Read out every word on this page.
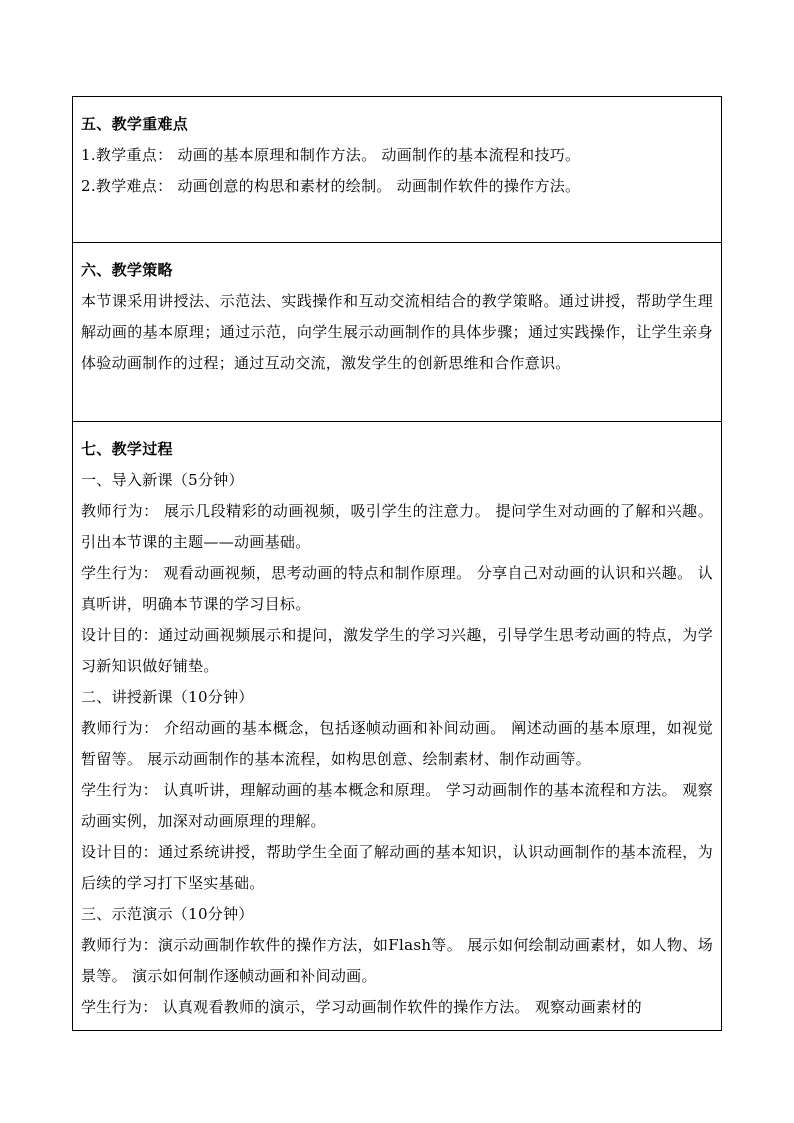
五、教学重难点
1.教学重点： 动画的基本原理和制作方法。 动画制作的基本流程和技巧。
2.教学难点： 动画创意的构思和素材的绘制。 动画制作软件的操作方法。

六、教学策略
本节课采用讲授法、示范法、实践操作和互动交流相结合的教学策略。通过讲授，帮助学生理解动画的基本原理；通过示范，向学生展示动画制作的具体步骤；通过实践操作，让学生亲身体验动画制作的过程；通过互动交流，激发学生的创新思维和合作意识。

七、教学过程
一、导入新课（5分钟）
教师行为： 展示几段精彩的动画视频，吸引学生的注意力。 提问学生对动画的了解和兴趣。 引出本节课的主题——动画基础。
学生行为： 观看动画视频，思考动画的特点和制作原理。 分享自己对动画的认识和兴趣。 认真听讲，明确本节课的学习目标。
设计目的：通过动画视频展示和提问，激发学生的学习兴趣，引导学生思考动画的特点，为学习新知识做好铺垫。
二、讲授新课（10分钟）
教师行为： 介绍动画的基本概念，包括逐帧动画和补间动画。 阐述动画的基本原理，如视觉暂留等。 展示动画制作的基本流程，如构思创意、绘制素材、制作动画等。
学生行为： 认真听讲，理解动画的基本概念和原理。 学习动画制作的基本流程和方法。 观察动画实例，加深对动画原理的理解。
设计目的：通过系统讲授，帮助学生全面了解动画的基本知识，认识动画制作的基本流程，为后续的学习打下坚实基础。
三、示范演示（10分钟）
教师行为：演示动画制作软件的操作方法，如Flash等。 展示如何绘制动画素材，如人物、场景等。 演示如何制作逐帧动画和补间动画。
学生行为： 认真观看教师的演示，学习动画制作软件的操作方法。 观察动画素材的
